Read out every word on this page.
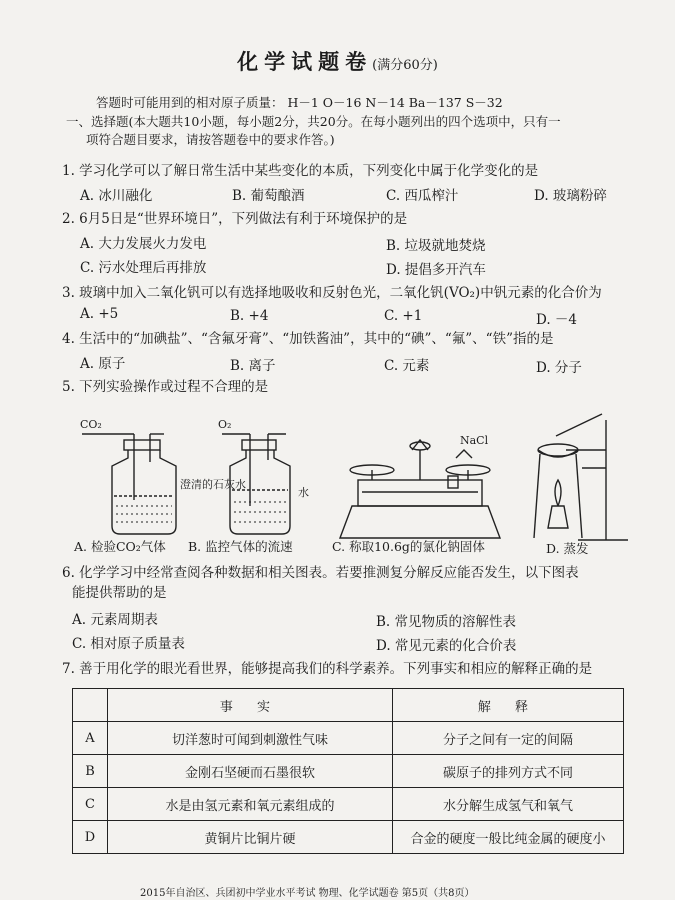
化学试题卷(满分60分)
答题时可能用到的相对原子质量： H－1 O－16 N－14 Ba－137 S－32
一、选择题(本大题共10小题，每小题2分，共20分。在每小题列出的四个选项中，只有一
项符合题目要求，请按答题卷中的要求作答。)
1. 学习化学可以了解日常生活中某些变化的本质，下列变化中属于化学变化的是
A. 冰川融化	B. 葡萄酿酒	C. 西瓜榨汁	D. 玻璃粉碎
2. 6月5日是“世界环境日”，下列做法有利于环境保护的是
A. 大力发展火力发电	B. 垃圾就地焚烧
C. 污水处理后再排放	D. 提倡多开汽车
3. 玻璃中加入二氧化钒可以有选择地吸收和反射色光，二氧化钒(VO₂)中钒元素的化合价为
A. +5	B. +4	C. +1	D. －4
4. 生活中的“加碘盐”、“含氟牙膏”、“加铁酱油”，其中的“碘”、“氟”、“铁”指的是
A. 原子	B. 离子	C. 元素	D. 分子
5. 下列实验操作或过程不合理的是
CO₂	O₂
澄清的石灰水
水
NaCl
A. 检验CO₂气体 B. 监控气体的流速	C. 称取10.6g的氯化钠固体	D. 蒸发
6. 化学学习中经常查阅各种数据和相关图表。若要推测复分解反应能否发生，以下图表
能提供帮助的是
A. 元素周期表	B. 常见物质的溶解性表
C. 相对原子质量表	D. 常见元素的化合价表
7. 善于用化学的眼光看世界，能够提高我们的科学素养。下列事实和相应的解释正确的是
	事 实	解 释
A	切洋葱时可闻到刺激性气味	分子之间有一定的间隔
B	金刚石坚硬而石墨很软	碳原子的排列方式不同
C	水是由氢元素和氧元素组成的	水分解生成氢气和氧气
D	黄铜片比铜片硬	合金的硬度一般比纯金属的硬度小
2015年自治区、兵团初中学业水平考试 物理、化学试题卷 第5页（共8页）
